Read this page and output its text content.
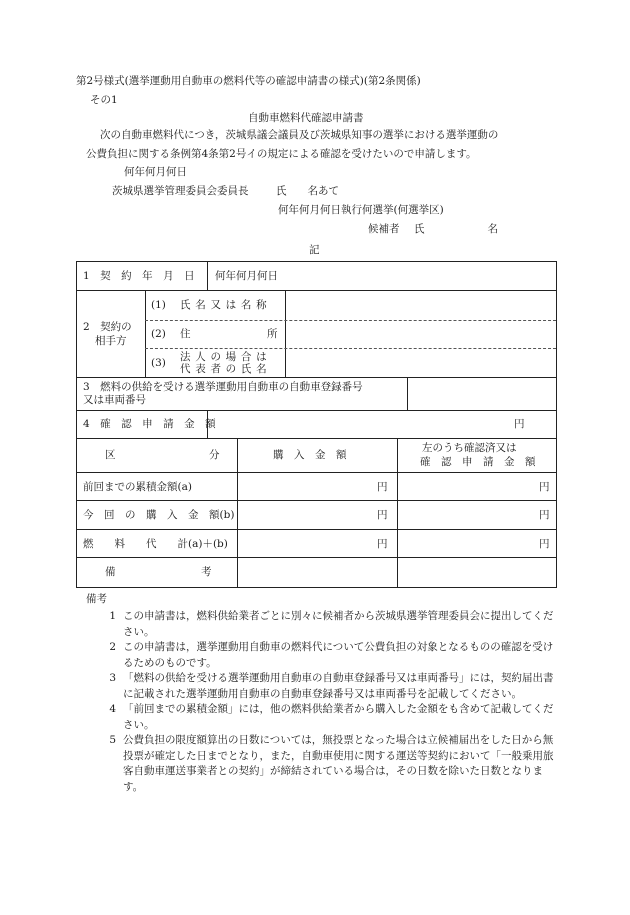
第2号様式(選挙運動用自動車の燃料代等の確認申請書の様式)(第2条関係)
その1
自動車燃料代確認申請書
次の自動車燃料代につき，茨城県議会議員及び茨城県知事の選挙における選挙運動の
公費負担に関する条例第4条第2号イの規定による確認を受けたいので申請します。
何年何月何日
茨城県選挙管理委員会委員長	氏　　名あて
何年何月何日執行何選挙(何選挙区)
候補者 氏　　　　　　名
記
1　契　約　年　月　日 何年何月何日
2　契約の
相手方
(1) 氏名又は名称
(2) 住	所
(3) 法人の場合は
代表者の氏名
3　燃料の供給を受ける選挙運動用自動車の自動車登録番号
又は車両番号
4　確　認　申　請　金　額	円
区	分	購　入　金　額
左のうち確認済又は
確　認　申　請　金　額
前回までの累積金額(a)	円	円
今　回　の　購　入　金　額(b)	円	円
燃　　料　　代　　計(a)＋(b)	円	円
備	考
備考
1 この申請書は，燃料供給業者ごとに別々に候補者から茨城県選挙管理委員会に提出してください。
2 この申請書は，選挙運動用自動車の燃料代について公費負担の対象となるものの確認を受けるためのものです。
3 「燃料の供給を受ける選挙運動用自動車の自動車登録番号又は車両番号」には，契約届出書に記載された選挙運動用自動車の自動車登録番号又は車両番号を記載してください。
4 「前回までの累積金額」には，他の燃料供給業者から購入した金額をも含めて記載してください。
5 公費負担の限度額算出の日数については，無投票となった場合は立候補届出をした日から無投票が確定した日までとなり，また，自動車使用に関する運送等契約において「一般乗用旅客自動車運送事業者との契約」が締結されている場合は，その日数を除いた日数となります。
